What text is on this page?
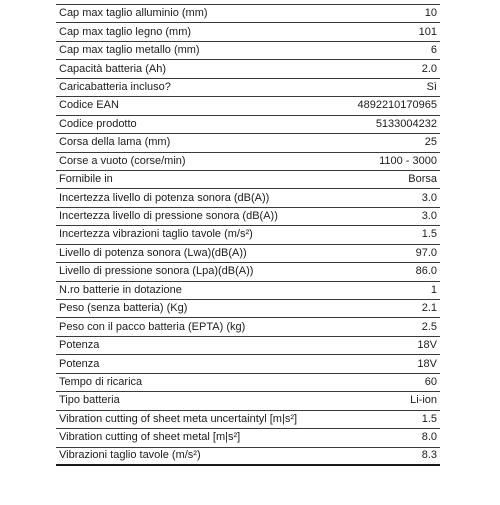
Cap max taglio alluminio (mm)	10
Cap max taglio legno (mm)	101
Cap max taglio metallo (mm)	6
Capacità batteria (Ah)	2.0
Caricabatteria incluso?	Sì
Codice EAN	4892210170965
Codice prodotto	5133004232
Corsa della lama (mm)	25
Corse a vuoto (corse/min)	1100 - 3000
Fornibile in	Borsa
Incertezza livello di potenza sonora (dB(A))	3.0
Incertezza livello di pressione sonora (dB(A))	3.0
Incertezza vibrazioni taglio tavole (m/s²)	1.5
Livello di potenza sonora (Lwa)(dB(A))	97.0
Livello di pressione sonora (Lpa)(dB(A))	86.0
N.ro batterie in dotazione	1
Peso (senza batteria) (Kg)	2.1
Peso con il pacco batteria (EPTA) (kg)	2.5
Potenza	18V
Potenza	18V
Tempo di ricarica	60
Tipo batteria	Li-ion
Vibration cutting of sheet meta uncertaintyl [m|s²]	1.5
Vibration cutting of sheet metal [m|s²]	8.0
Vibrazioni taglio tavole (m/s²)	8.3
